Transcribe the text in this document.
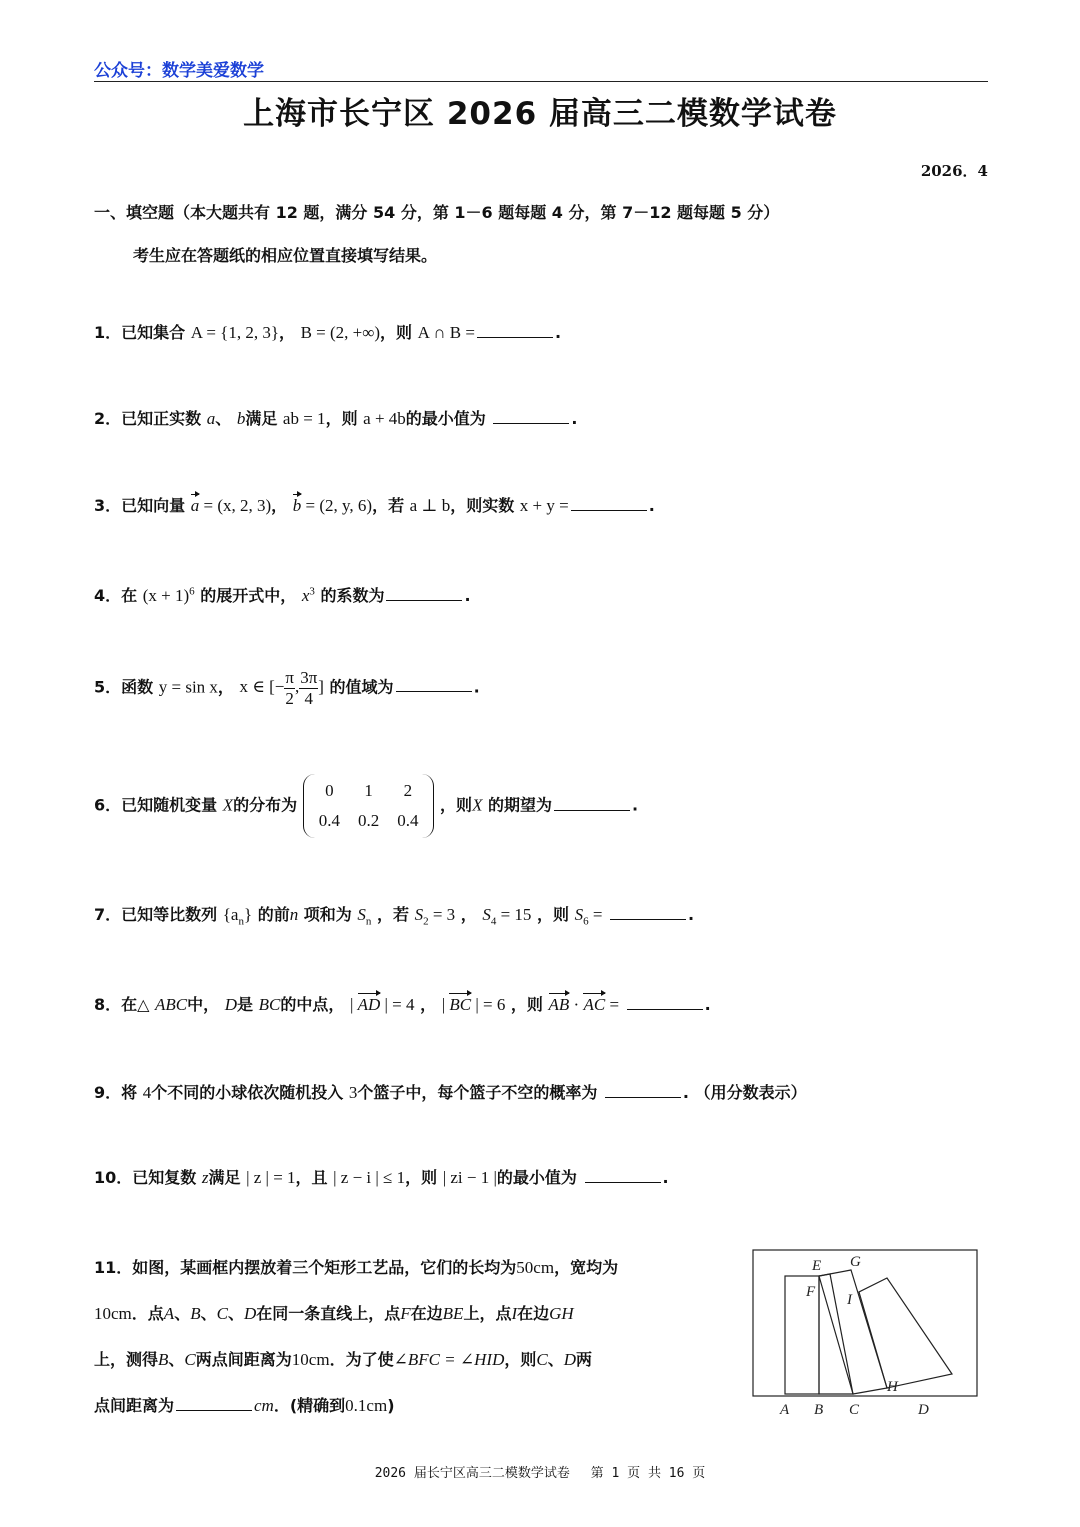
公众号：数学美爱数学
上海市长宁区 2026 届高三二模数学试卷
2026．4
一、填空题（本大题共有 12 题，满分 54 分，第 1－6 题每题 4 分，第 7－12 题每题 5 分）
考生应在答题纸的相应位置直接填写结果。
1．已知集合 A = {1, 2, 3}， B = (2, +∞)，则 A ∩ B =	.
2．已知正实数 a、 b满足 ab = 1，则 a + 4b的最小值为	.
3．已知向量 a = (x, 2, 3)， b = (2, y, 6)，若 a ⊥ b，则实数 x + y =	.
4．在 $(x + 1)^6$ 的展开式中， $x^3$ 的系数为	.
5．函数 y = sin x， x ∈ [− $\frac{\pi}{2}$ , $\frac{3\pi}{4}$ ] 的值域为	.
6．已知随机变量 X的分布为
0	1	2
0.4	0.2	0.4
，则X 的期望为	.
7．已知等比数列 $\{a_n\}$ 的前n 项和为 $S_n$ ，若 $S_2 = 3$ ， $S_4 = 15$ ，则 $S_6$ =	.
8．在△ ABC中， D是 BC的中点， | AD | = 4 ， | BC | = 6 ，则 AB · AC =	.
9．将 4个不同的小球依次随机投入 3个篮子中，每个篮子不空的概率为	. （用分数表示）
10．已知复数 z满足 | z | = 1，且 | z − i | ≤ 1，则 | zi − 1 |的最小值为	.
11．如图，某画框内摆放着三个矩形工艺品，它们的长均为50cm，宽均为
10cm．点A、B、C、D在同一条直线上，点F在边BE上，点I在边GH
上，测得B、C两点间距离为10cm．为了使∠BFC = ∠HID，则C、D两
点间距离为	cm．(精确到0.1cm)
E G
F I
H
A B C	D
2026 届长宁区高三二模数学试卷　 第 1 页 共 16 页
